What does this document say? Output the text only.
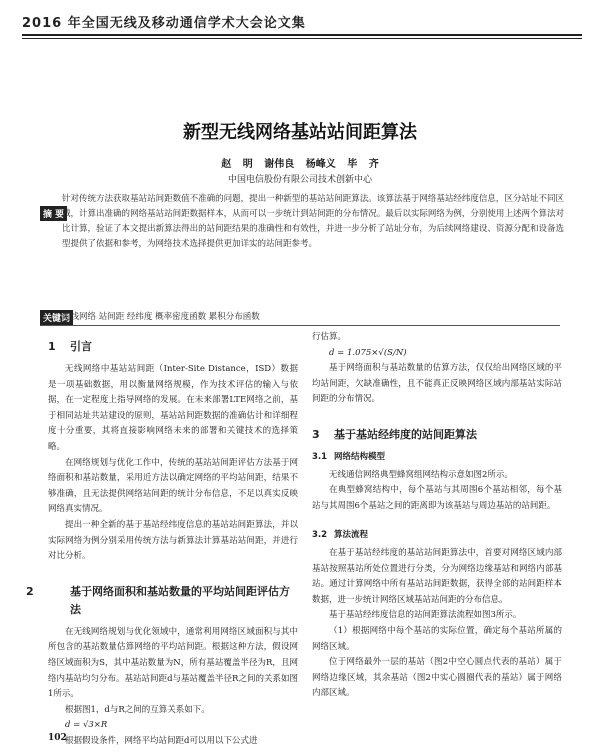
2016 年全国无线及移动通信学术大会论文集
新型无线网络基站站间距算法
赵 明 谢伟良 杨峰义 毕 齐
中国电信股份有限公司技术创新中心
摘 要
针对传统方法获取基站站间距数值不准确的问题，提出一种新型的基站站间距算法。该算法基于网络基站经纬度信息，区分站址不同区域，计算出准确的网络基站站间距数据样本，从而可以一步统计到站间距的分布情况。最后以实际网络为例，分别使用上述两个算法对比计算，验证了本文提出新算法得出的站间距结果的准确性和有效性，并进一步分析了站址分布，为后续网络建设、资源分配和设备选型提供了依据和参考，为网络技术选择提供更加详实的站间距参考。
关键词
无线网络 站间距 经纬度 概率密度函数 累积分布函数
1 引言
无线网络中基站站间距（Inter-Site Distance，ISD）数据是一项基础数据，用以衡量网络规模，作为技术评估的输入与依据，在一定程度上指导网络的发展。在未来部署LTE网络之前，基于相同站址共站建设的原则，基站站间距数据的准确估计和详细程度十分重要，其将直接影响网络未来的部署和关键技术的选择策略。
在网络规划与优化工作中，传统的基站站间距评估方法基于网络面积和基站数量，采用近方法以确定网络的平均站间距，结果不够准确，且无法提供网络站间距的统计分布信息，不足以真实反映网络真实情况。
提出一种全新的基于基站经纬度信息的基站站间距算法，并以实际网络为例分别采用传统方法与新算法计算基站站间距，并进行对比分析。
2	基于网络面积和基站数量的平均站间距评估方法
在无线网络规划与优化领域中，通常利用网络区域面积与其中所包含的基站数量估算网络的平均站间距。根据这种方法，假设网络区域面积为S，其中基站数量为N，所有基站覆盖半径为R，且网络内基站均匀分布。基站站间距d与基站覆盖半径R之间的关系如图1所示。
根据图1，d与R之间的互算关系如下。
d = √3×R
根据假设条件，网络平均站间距d可以用以下公式进
行估算。
d = 1.075×√(S/N)
基于网络面积与基站数量的估算方法，仅仅给出网络区域的平均站间距，欠缺准确性，且不能真正反映网络区域内部基站实际站间距的分布情况。
3 基于基站经纬度的站间距算法
3.1 网络结构模型
无线通信网络典型蜂窝组网结构示意如图2所示。
在典型蜂窝结构中，每个基站与其周围6个基站相邻，每个基站与其周围6个基站之间的距离即为该基站与周边基站的站间距。
3.2 算法流程
在基于基站经纬度的基站站间距算法中，首要对网络区域内部基站按照基站所处位置进行分类，分为网络边缘基站和网络内部基站。通过计算网络中所有基站站间距数据，获得全部的站间距样本数据，进一步统计网络区域基站站间距的分布信息。
基于基站经纬度信息的站间距算法流程如图3所示。
（1）根据网络中每个基站的实际位置，确定每个基站所属的网络区域。
位于网络最外一层的基站（图2中空心圆点代表的基站）属于网络边缘区域，其余基站（图2中实心圆圈代表的基站）属于网络内部区域。
102
